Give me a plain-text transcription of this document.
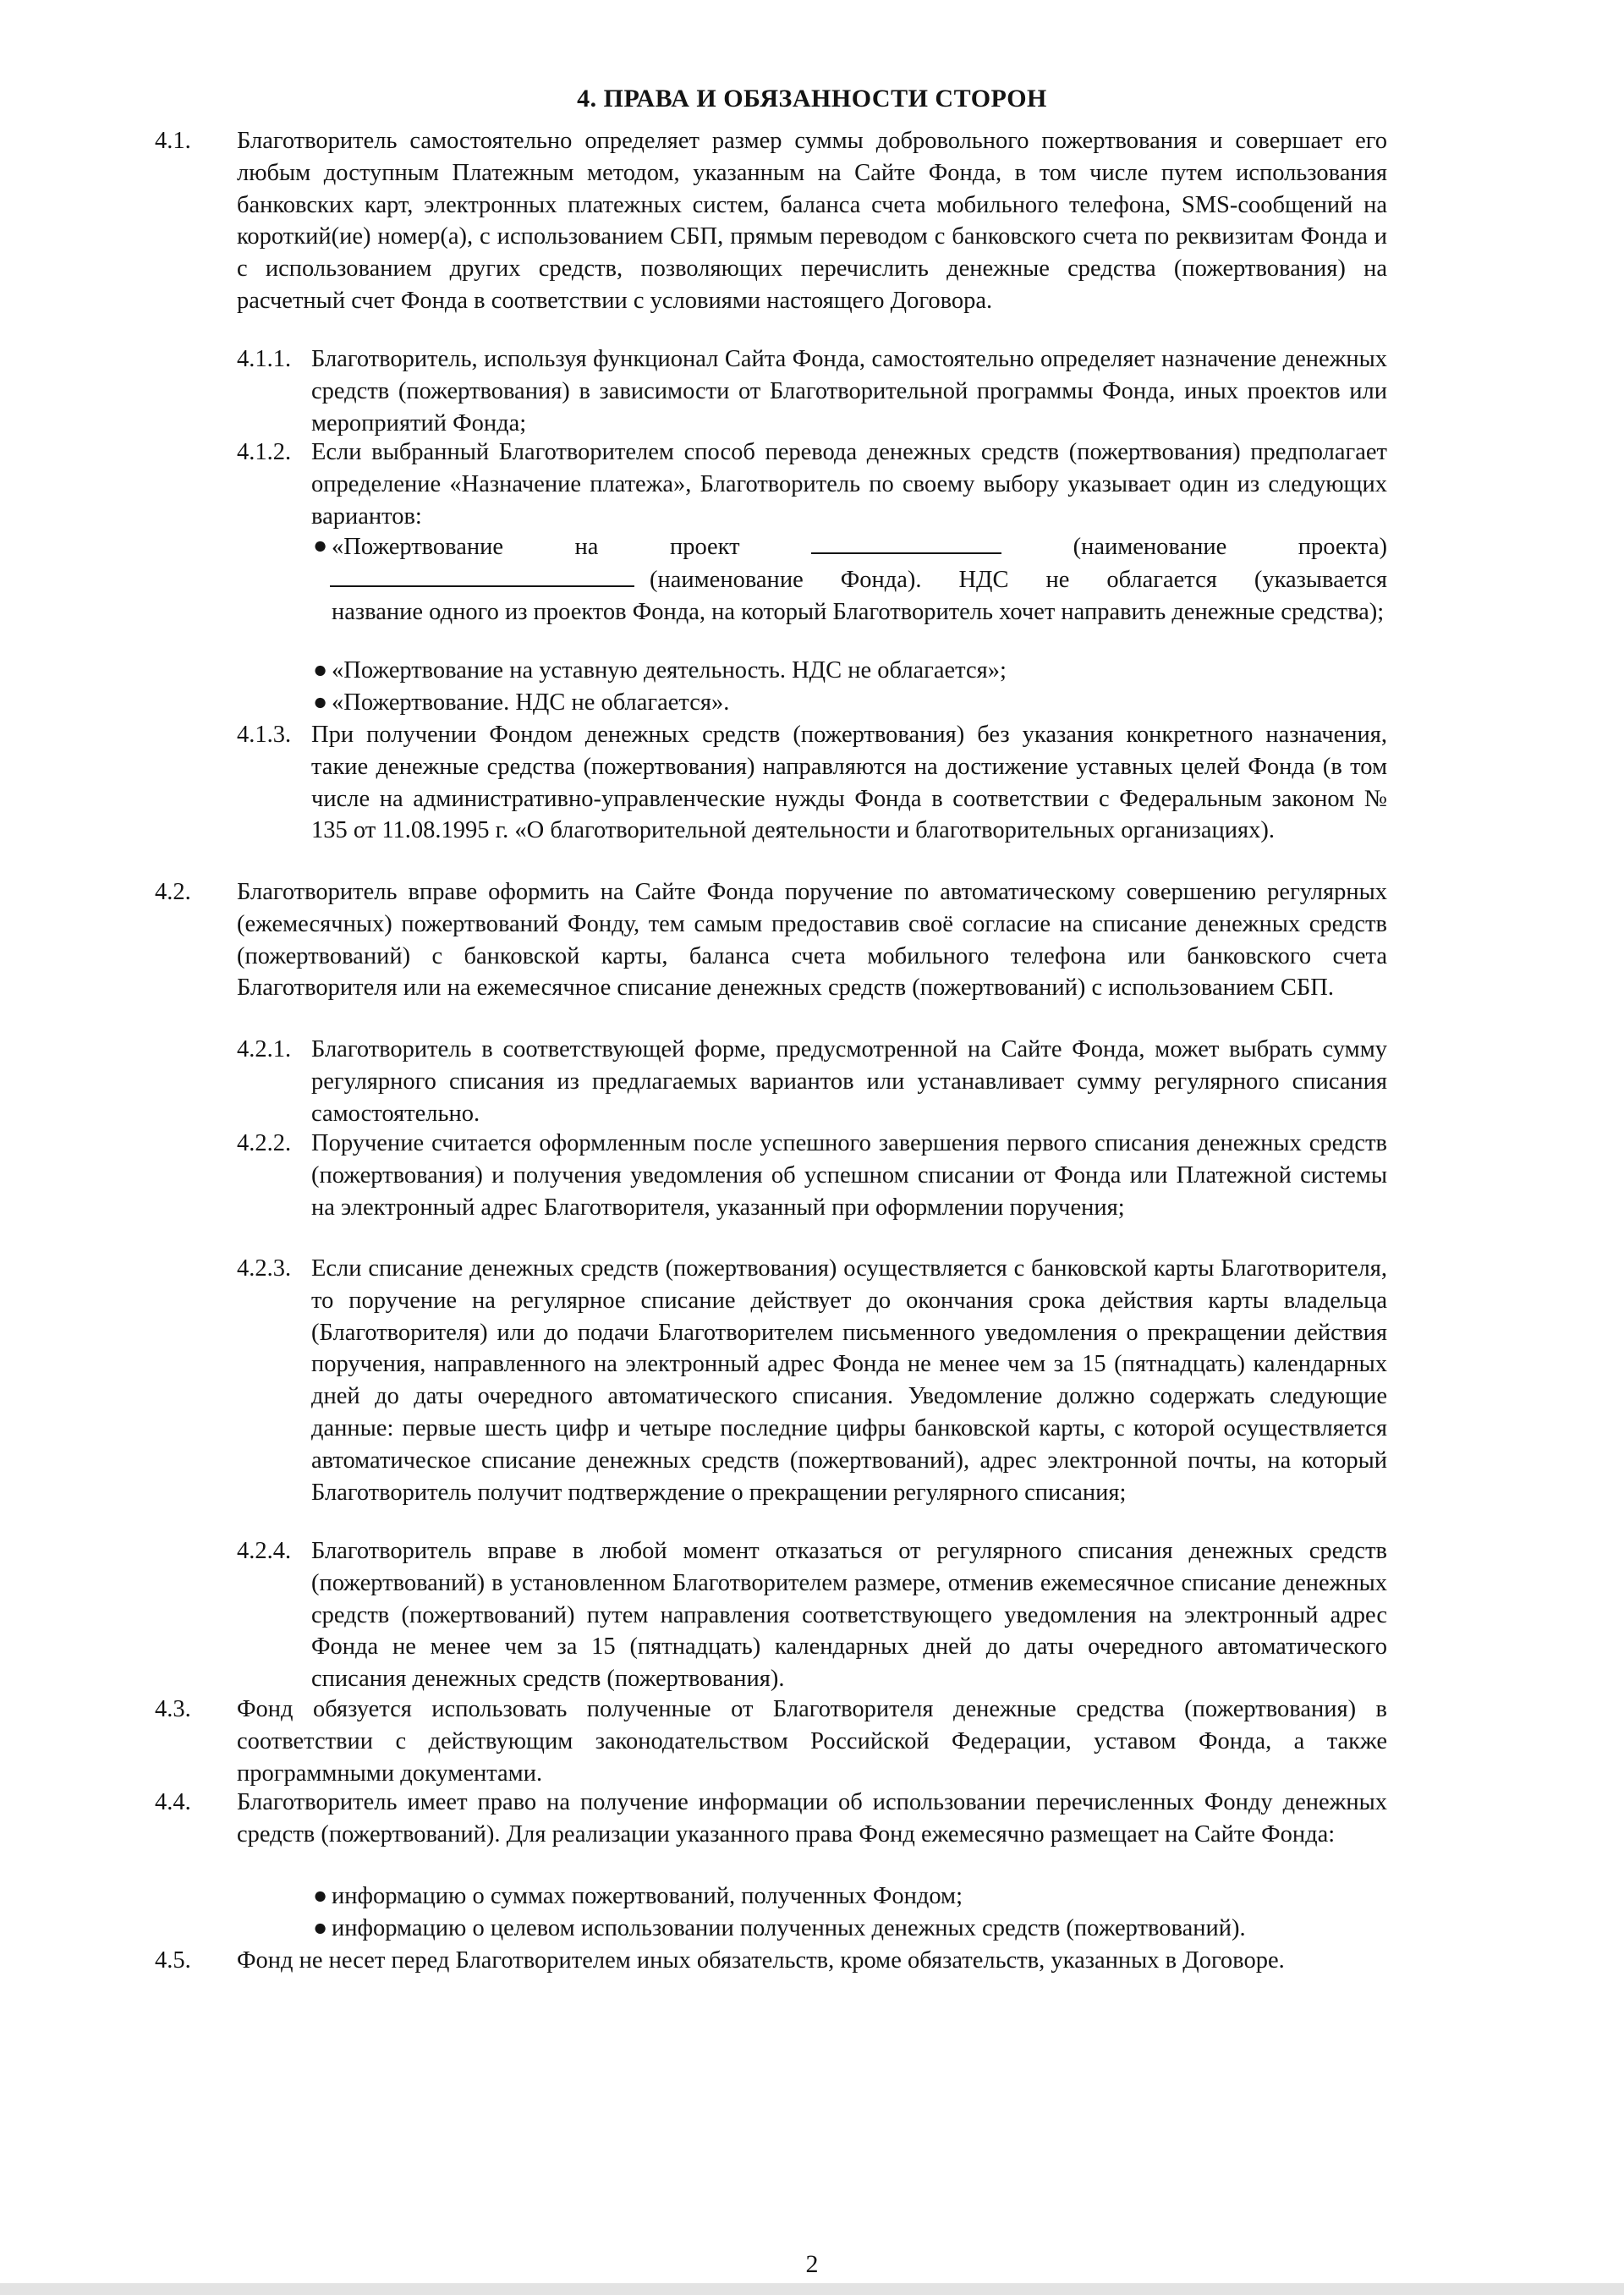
4. ПРАВА И ОБЯЗАННОСТИ СТОРОН
4.1. Благотворитель самостоятельно определяет размер суммы добровольного пожертвования и совершает его любым доступным Платежным методом, указанным на Сайте Фонда, в том числе путем использования банковских карт, электронных платежных систем, баланса счета мобильного телефона, SMS-сообщений на короткий(ие) номер(а), с использованием СБП, прямым переводом с банковского счета по реквизитам Фонда и с использованием других средств, позволяющих перечислить денежные средства (пожертвования) на расчетный счет Фонда в соответствии с условиями настоящего Договора.
4.1.1. Благотворитель, используя функционал Сайта Фонда, самостоятельно определяет назначение денежных средств (пожертвования) в зависимости от Благотворительной программы Фонда, иных проектов или мероприятий Фонда;
4.1.2. Если выбранный Благотворителем способ перевода денежных средств (пожертвования) предполагает определение «Назначение платежа», Благотворитель по своему выбору указывает один из следующих вариантов:
● «Пожертвование	на	проект	(наименование	проекта)
(наименование Фонда). НДС не облагается (указывается
название одного из проектов Фонда, на который Благотворитель хочет направить денежные средства);
● «Пожертвование на уставную деятельность. НДС не облагается»;
● «Пожертвование. НДС не облагается».
4.1.3. При получении Фондом денежных средств (пожертвования) без указания конкретного назначения, такие денежные средства (пожертвования) направляются на достижение уставных целей Фонда (в том числе на административно-управленческие нужды Фонда в соответствии с Федеральным законом № 135 от 11.08.1995 г. «О благотворительной деятельности и благотворительных организациях).
4.2. Благотворитель вправе оформить на Сайте Фонда поручение по автоматическому совершению регулярных (ежемесячных) пожертвований Фонду, тем самым предоставив своё согласие на списание денежных средств (пожертвований) с банковской карты, баланса счета мобильного телефона или банковского счета Благотворителя или на ежемесячное списание денежных средств (пожертвований) с использованием СБП.
4.2.1. Благотворитель в соответствующей форме, предусмотренной на Сайте Фонда, может выбрать сумму регулярного списания из предлагаемых вариантов или устанавливает сумму регулярного списания самостоятельно.
4.2.2. Поручение считается оформленным после успешного завершения первого списания денежных средств (пожертвования) и получения уведомления об успешном списании от Фонда или Платежной системы на электронный адрес Благотворителя, указанный при оформлении поручения;
4.2.3. Если списание денежных средств (пожертвования) осуществляется с банковской карты Благотворителя, то поручение на регулярное списание действует до окончания срока действия карты владельца (Благотворителя) или до подачи Благотворителем письменного уведомления о прекращении действия поручения, направленного на электронный адрес Фонда не менее чем за 15 (пятнадцать) календарных дней до даты очередного автоматического списания. Уведомление должно содержать следующие данные: первые шесть цифр и четыре последние цифры банковской карты, с которой осуществляется автоматическое списание денежных средств (пожертвований), адрес электронной почты, на который Благотворитель получит подтверждение о прекращении регулярного списания;
4.2.4. Благотворитель вправе в любой момент отказаться от регулярного списания денежных средств (пожертвований) в установленном Благотворителем размере, отменив ежемесячное списание денежных средств (пожертвований) путем направления соответствующего уведомления на электронный адрес Фонда не менее чем за 15 (пятнадцать) календарных дней до даты очередного автоматического списания денежных средств (пожертвования).
4.3. Фонд обязуется использовать полученные от Благотворителя денежные средства (пожертвования) в соответствии с действующим законодательством Российской Федерации, уставом Фонда, а также программными документами.
4.4. Благотворитель имеет право на получение информации об использовании перечисленных Фонду денежных средств (пожертвований). Для реализации указанного права Фонд ежемесячно размещает на Сайте Фонда:
● информацию о суммах пожертвований, полученных Фондом;
● информацию о целевом использовании полученных денежных средств (пожертвований).
4.5. Фонд не несет перед Благотворителем иных обязательств, кроме обязательств, указанных в Договоре.
2
